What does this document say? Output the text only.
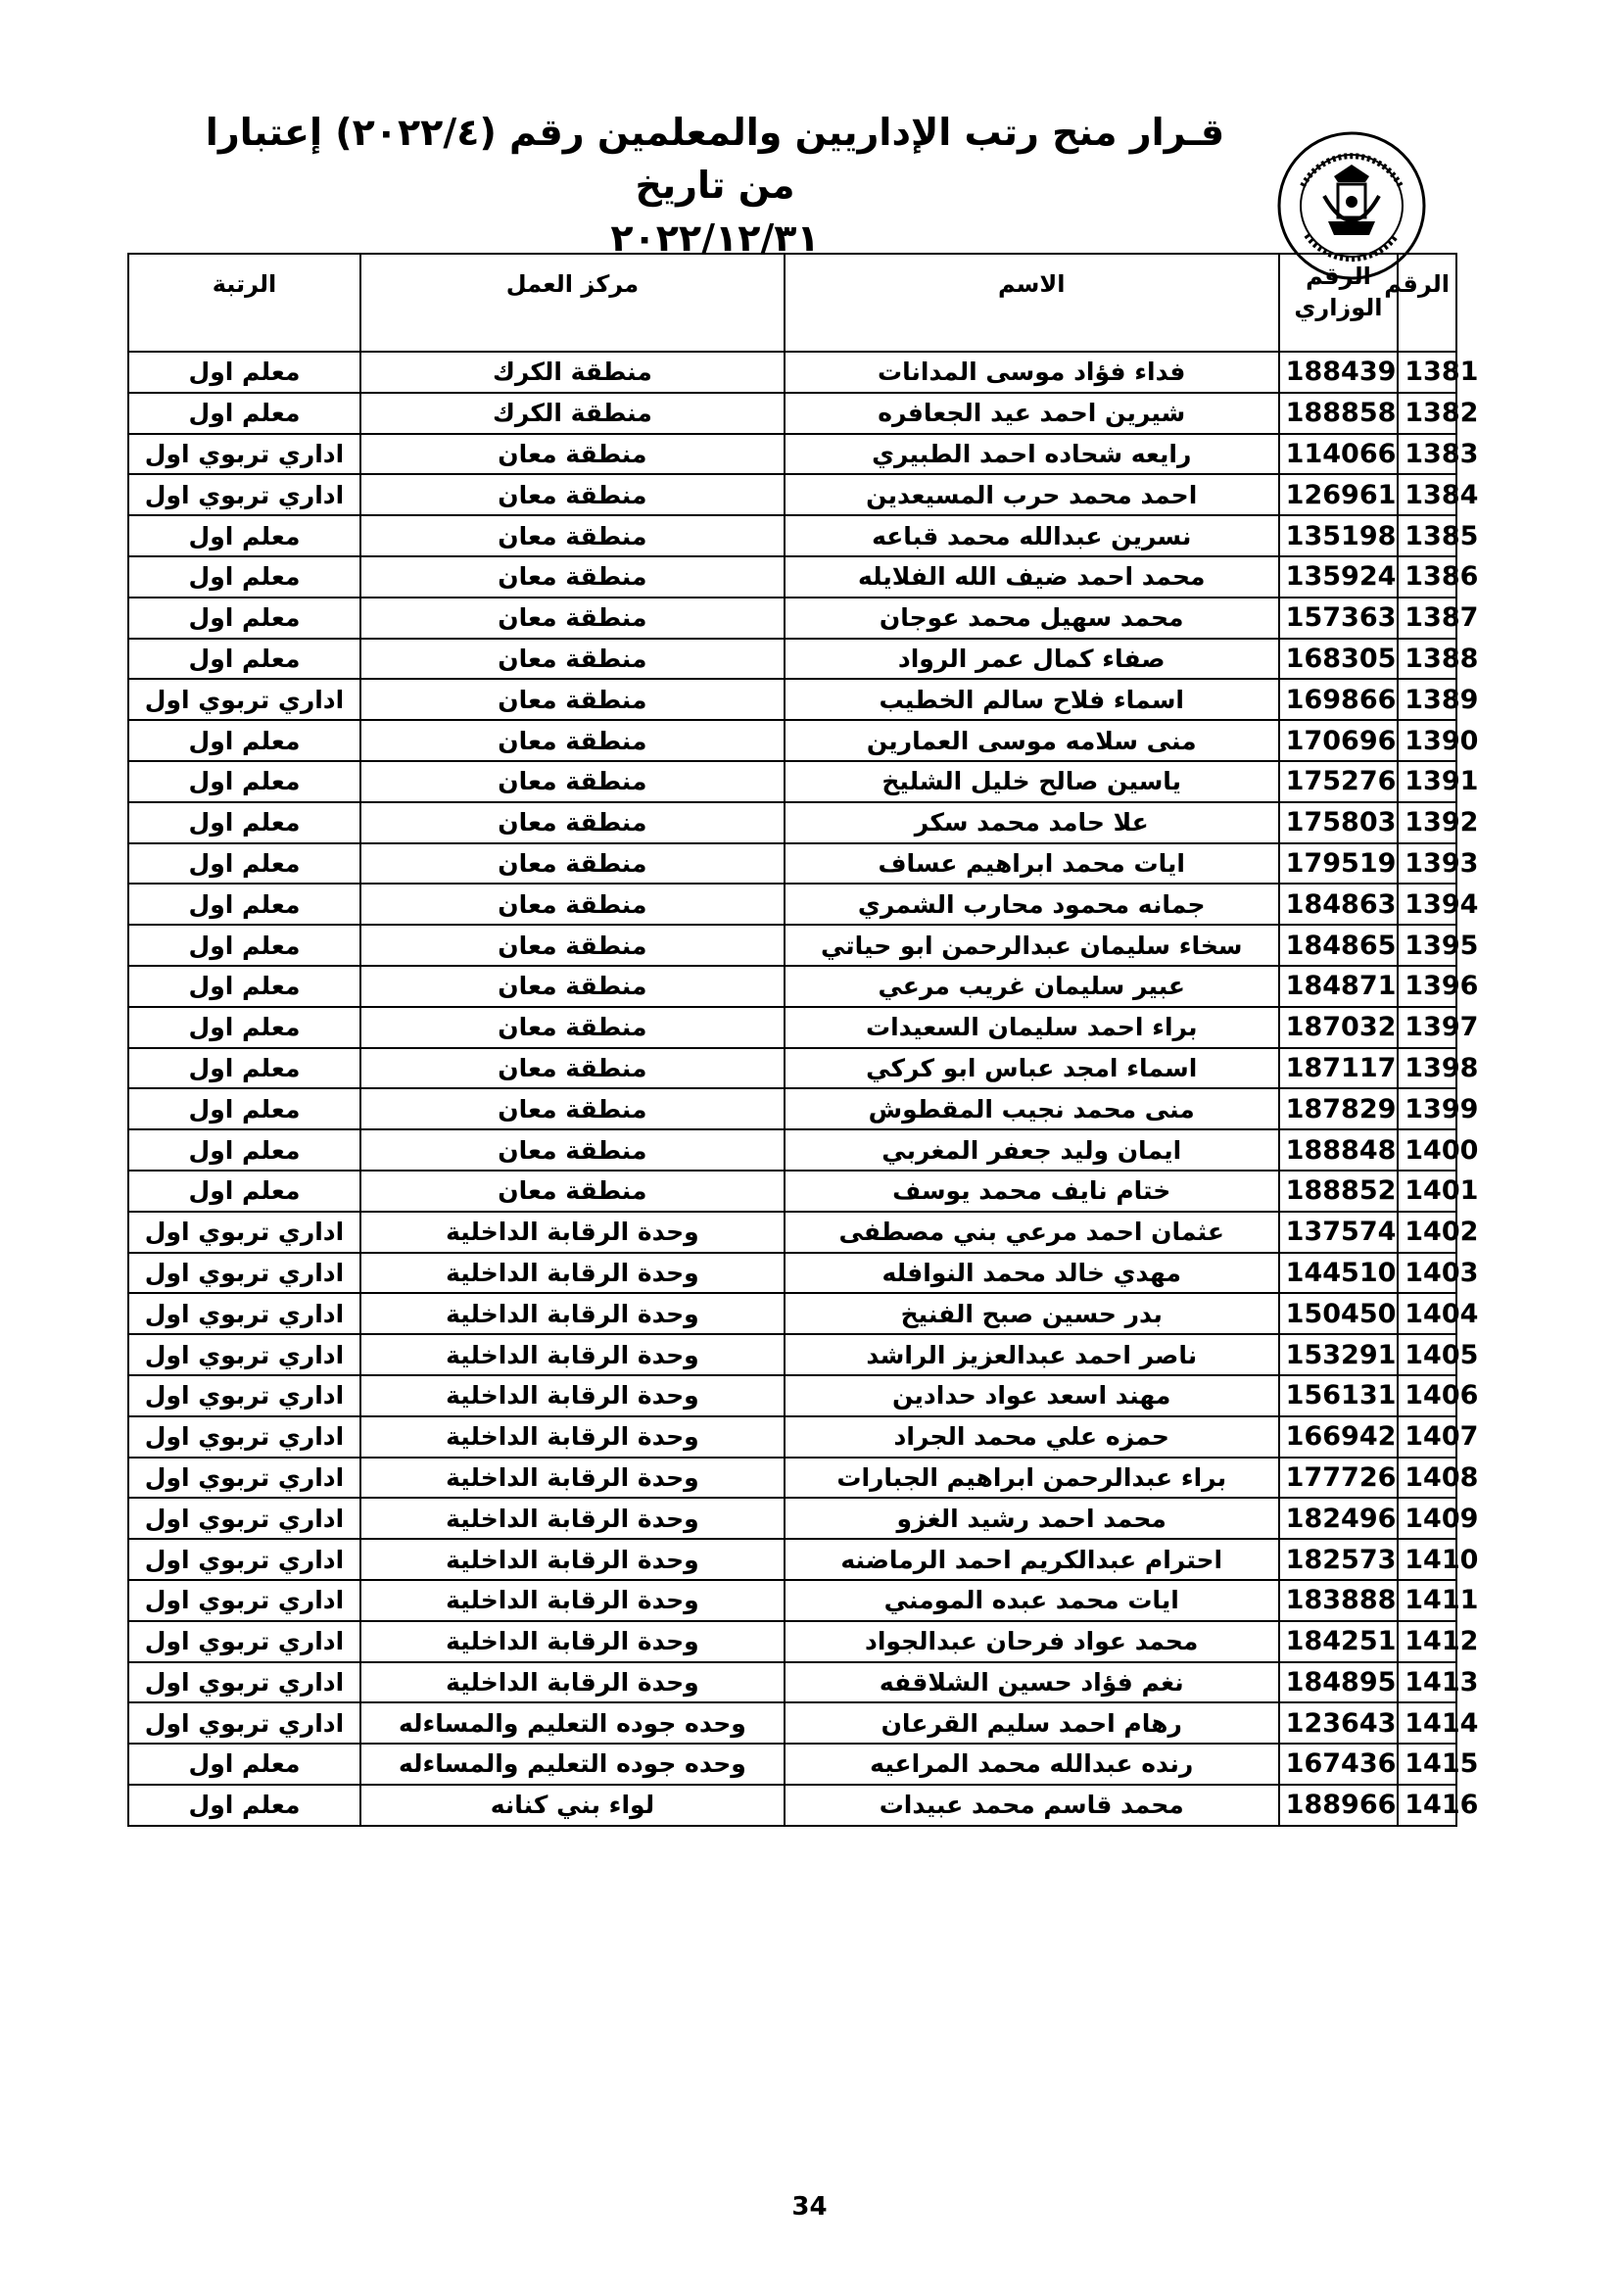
قـرار منح رتب الإداريين والمعلمين رقم (٢٠٢٢/٤) إعتبارا من تاريخ
٢٠٢٢/١٢/٣١
الرقم	الرقم الوزاري	الاسم	مركز العمل	الرتبة
1381	188439	فداء فؤاد موسى المدانات	منطقة الكرك	معلم اول
1382	188858	شيرين احمد عيد الجعافره	منطقة الكرك	معلم اول
1383	114066	رايعه شحاده احمد الطبيري	منطقة معان	اداري تربوي اول
1384	126961	احمد محمد حرب المسيعدين	منطقة معان	اداري تربوي اول
1385	135198	نسرين عبدالله محمد قباعه	منطقة معان	معلم اول
1386	135924	محمد احمد ضيف الله الفلايله	منطقة معان	معلم اول
1387	157363	محمد سهيل محمد عوجان	منطقة معان	معلم اول
1388	168305	صفاء كمال عمر الرواد	منطقة معان	معلم اول
1389	169866	اسماء فلاح سالم الخطيب	منطقة معان	اداري تربوي اول
1390	170696	منى سلامه موسى العمارين	منطقة معان	معلم اول
1391	175276	ياسين صالح خليل الشليخ	منطقة معان	معلم اول
1392	175803	علا حامد محمد سكر	منطقة معان	معلم اول
1393	179519	ايات محمد ابراهيم عساف	منطقة معان	معلم اول
1394	184863	جمانه محمود محارب الشمري	منطقة معان	معلم اول
1395	184865	سخاء سليمان عبدالرحمن ابو حياتي	منطقة معان	معلم اول
1396	184871	عبير سليمان غريب مرعي	منطقة معان	معلم اول
1397	187032	براء احمد سليمان السعيدات	منطقة معان	معلم اول
1398	187117	اسماء امجد عباس ابو كركي	منطقة معان	معلم اول
1399	187829	منى محمد نجيب المقطوش	منطقة معان	معلم اول
1400	188848	ايمان وليد جعفر المغربي	منطقة معان	معلم اول
1401	188852	ختام نايف محمد يوسف	منطقة معان	معلم اول
1402	137574	عثمان احمد مرعي بني مصطفى	وحدة الرقابة الداخلية	اداري تربوي اول
1403	144510	مهدي خالد محمد النوافله	وحدة الرقابة الداخلية	اداري تربوي اول
1404	150450	بدر حسين صبح الفنيخ	وحدة الرقابة الداخلية	اداري تربوي اول
1405	153291	ناصر احمد عبدالعزيز الراشد	وحدة الرقابة الداخلية	اداري تربوي اول
1406	156131	مهند اسعد عواد حدادين	وحدة الرقابة الداخلية	اداري تربوي اول
1407	166942	حمزه علي محمد الجراد	وحدة الرقابة الداخلية	اداري تربوي اول
1408	177726	براء عبدالرحمن ابراهيم الجبارات	وحدة الرقابة الداخلية	اداري تربوي اول
1409	182496	محمد احمد رشيد الغزو	وحدة الرقابة الداخلية	اداري تربوي اول
1410	182573	احترام عبدالكريم احمد الرماضنه	وحدة الرقابة الداخلية	اداري تربوي اول
1411	183888	ايات محمد عبده المومني	وحدة الرقابة الداخلية	اداري تربوي اول
1412	184251	محمد عواد فرحان عبدالجواد	وحدة الرقابة الداخلية	اداري تربوي اول
1413	184895	نغم فؤاد حسين الشلاقفه	وحدة الرقابة الداخلية	اداري تربوي اول
1414	123643	رهام احمد سليم القرعان	وحده جوده التعليم والمساءله	اداري تربوي اول
1415	167436	رنده عبدالله محمد المراعيه	وحده جوده التعليم والمساءله	معلم اول
1416	188966	محمد قاسم محمد عبيدات	لواء بني كنانه	معلم اول
34
